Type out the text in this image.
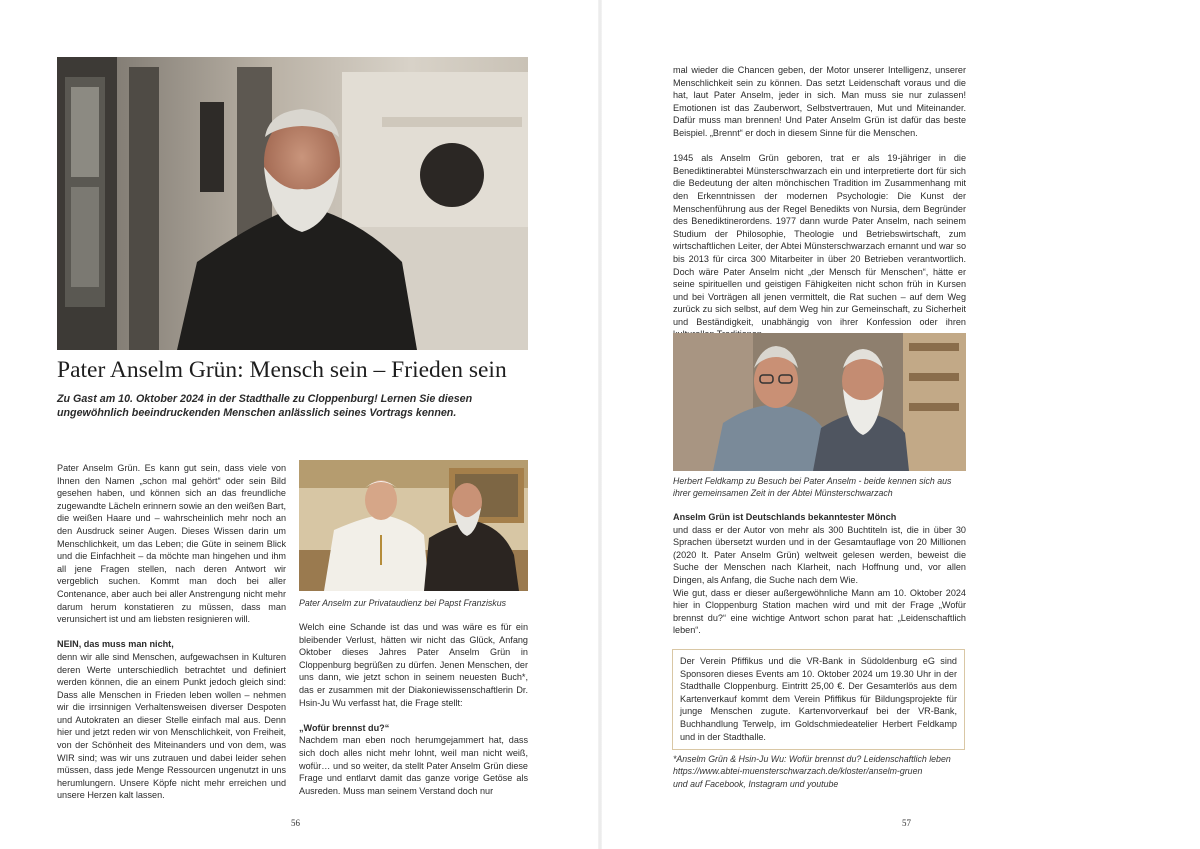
Pater Anselm Grün: Mensch sein – Frieden sein

Zu Gast am 10. Oktober 2024 in der Stadthalle zu Cloppenburg! Lernen Sie diesen ungewöhnlich beeindruckenden Menschen anlässlich seines Vortrags kennen.

Pater Anselm Grün. Es kann gut sein, dass viele von Ihnen den Namen „schon mal gehört“ oder sein Bild gesehen haben, und können sich an das freundliche zugewandte Lächeln erinnern sowie an den weißen Bart, die weißen Haare und – wahrscheinlich mehr noch an den Ausdruck seiner Augen. Dieses Wissen darin um Menschlichkeit, um das Leben; die Güte in seinem Blick und die Einfachheit – da möchte man hingehen und ihm all jene Fragen stellen, nach deren Antwort wir vergeblich suchen. Kommt man doch bei aller Contenance, aber auch bei aller Anstrengung nicht mehr darum herum konstatieren zu müssen, dass man verunsichert ist und am liebsten resignieren will.

NEIN, das muss man nicht,
denn wir alle sind Menschen, aufgewachsen in Kulturen deren Werte unterschiedlich betrachtet und definiert werden können, die an einem Punkt jedoch gleich sind: Dass alle Menschen in Frieden leben wollen – nehmen wir die irrsinnigen Verhaltensweisen diverser Despoten und Autokraten an dieser Stelle einfach mal aus. Denn hier und jetzt reden wir von Menschlichkeit, von Freiheit, von der Schönheit des Miteinanders und von dem, was WIR sind; was wir uns zutrauen und dabei leider sehen müssen, dass jede Menge Ressourcen ungenutzt in uns herumlungern. Unsere Köpfe nicht mehr erreichen und unsere Herzen kalt lassen.

Pater Anselm zur Privataudienz bei Papst Franziskus

Welch eine Schande ist das und was wäre es für ein bleibender Verlust, hätten wir nicht das Glück, Anfang Oktober dieses Jahres Pater Anselm Grün in Cloppenburg begrüßen zu dürfen. Jenen Menschen, der uns dann, wie jetzt schon in seinem neuesten Buch*, das er zusammen mit der Diakoniewissenschaftlerin Dr. Hsin-Ju Wu verfasst hat, die Frage stellt:

„Wofür brennst du?“
Nachdem man eben noch herumgejammert hat, dass sich doch alles nicht mehr lohnt, weil man nicht weiß, wofür… und so weiter, da stellt Pater Anselm Grün diese Frage und entlarvt damit das ganze vorige Getöse als Ausreden. Muss man seinem Verstand doch nur

56

mal wieder die Chancen geben, der Motor unserer Intelligenz, unserer Menschlichkeit sein zu können. Das setzt Leidenschaft voraus und die hat, laut Pater Anselm, jeder in sich. Man muss sie nur zulassen! Emotionen ist das Zauberwort, Selbstvertrauen, Mut und Miteinander. Dafür muss man brennen! Und Pater Anselm Grün ist dafür das beste Beispiel. „Brennt“ er doch in diesem Sinne für die Menschen.

1945 als Anselm Grün geboren, trat er als 19-jähriger in die Benediktinerabtei Münsterschwarzach ein und interpretierte dort für sich die Bedeutung der alten mönchischen Tradition im Zusammenhang mit den Erkenntnissen der modernen Psychologie: Die Kunst der Menschenführung aus der Regel Benedikts von Nursia, dem Begründer des Benediktinerordens. 1977 dann wurde Pater Anselm, nach seinem Studium der Philosophie, Theologie und Betriebswirtschaft, zum wirtschaftlichen Leiter, der Abtei Münsterschwarzach ernannt und war so bis 2013 für circa 300 Mitarbeiter in über 20 Betrieben verantwortlich. Doch wäre Pater Anselm nicht „der Mensch für Menschen“, hätte er seine spirituellen und geistigen Fähigkeiten nicht schon früh in Kursen und bei Vorträgen all jenen vermittelt, die Rat suchen – auf dem Weg zurück zu sich selbst, auf dem Weg hin zur Gemeinschaft, zu Sicherheit und Beständigkeit, unabhängig von ihrer Konfession oder ihren

Herbert Feldkamp zu Besuch bei Pater Anselm - beide kennen sich aus ihrer gemeinsamen Zeit in der Abtei Münsterschwarzach

Anselm Grün ist Deutschlands bekanntester Mönch
und dass er der Autor von mehr als 300 Buchtiteln ist, die in über 30 Sprachen übersetzt wurden und in der Gesamtauflage von 20 Millionen (2020 lt. Pater Anselm Grün) weltweit gelesen werden, beweist die Suche der Menschen nach Klarheit, nach Hoffnung und, vor allen Dingen, als Anfang, die Suche nach dem Wie.
Wie gut, dass er dieser außergewöhnliche Mann am 10. Oktober 2024 hier in Cloppenburg Station machen wird und mit der Frage „Wofür brennst du?“ eine wichtige Antwort schon parat hat: „Leidenschaftlich leben“.

Der Verein Pfiffikus und die VR-Bank in Südoldenburg eG sind Sponsoren dieses Events am 10. Oktober 2024 um 19.30 Uhr in der Stadthalle Cloppenburg. Eintritt 25,00 €. Der Gesamterlös aus dem Kartenverkauf kommt dem Verein Pfiffikus für Bildungsprojekte für junge Menschen zugute. Kartenvorverkauf bei der VR-Bank, Buchhandlung Terwelp, im Goldschmiedeatelier Herbert Feldkamp und in der Stadthalle.

*Anselm Grün & Hsin-Ju Wu: Wofür brennst du? Leidenschaftlich leben
https://www.abtei-muensterschwarzach.de/kloster/anselm-gruen
und auf Facebook, Instagram und youtube

57
